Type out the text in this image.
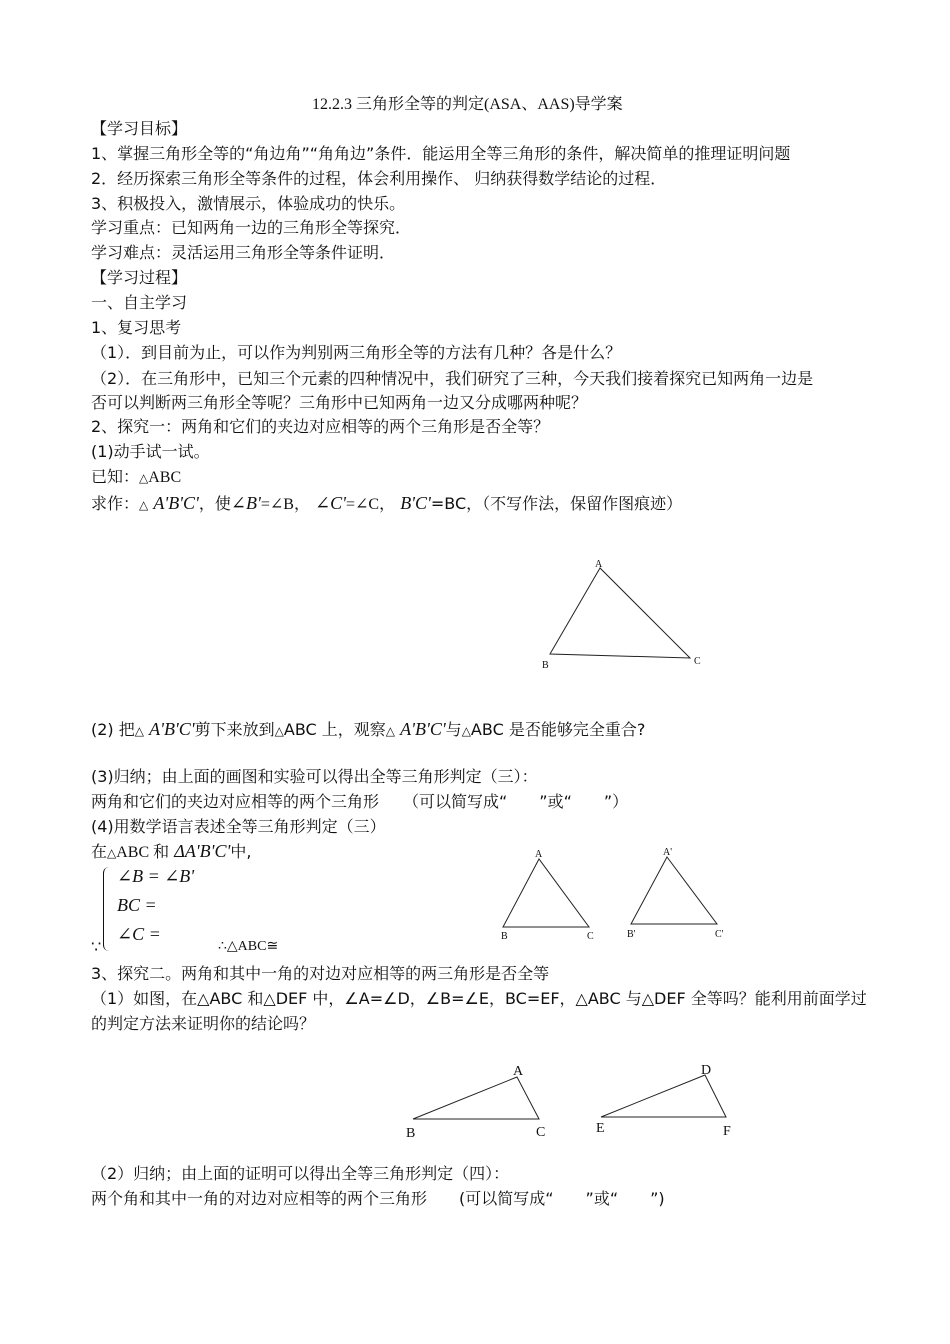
12.2.3 三角形全等的判定(ASA、AAS)导学案
【学习目标】
1、掌握三角形全等的“角边角”“角角边”条件．能运用全等三角形的条件，解决简单的推理证明问题
2．经历探索三角形全等条件的过程，体会利用操作、 归纳获得数学结论的过程．
3、积极投入，激情展示，体验成功的快乐。
学习重点：已知两角一边的三角形全等探究．
学习难点：灵活运用三角形全等条件证明．
【学习过程】
一、自主学习
1、复习思考
（1）．到目前为止，可以作为判别两三角形全等的方法有几种？各是什么？
（2）．在三角形中，已知三个元素的四种情况中，我们研究了三种，今天我们接着探究已知两角一边是
否可以判断两三角形全等呢？三角形中已知两角一边又分成哪两种呢？
2、探究一：两角和它们的夹边对应相等的两个三角形是否全等？
(1)动手试一试。
已知：△ABC
求作：△ A'B'C'，使∠B'=∠B， ∠C'=∠C， B'C'=BC，（不写作法，保留作图痕迹）
A
B	C
(2) 把△ A'B'C'剪下来放到△ABC 上，观察△ A'B'C'与△ABC 是否能够完全重合?
(3)归纳；由上面的画图和实验可以得出全等三角形判定（三）：
两角和它们的夹边对应相等的两个三角形　　（可以简写成“　　”或“　　”）
(4)用数学语言表述全等三角形判定（三）
在△ABC 和 ΔA'B'C'中,
∠B = ∠B'
BC =
∠C =
∵	∴△ABC≅
A
B	C
A'
B'	C'
3、探究二。两角和其中一角的对边对应相等的两三角形是否全等
（1）如图，在△ABC 和△DEF 中，∠A=∠D，∠B=∠E，BC=EF，△ABC 与△DEF 全等吗？能利用前面学过
的判定方法来证明你的结论吗？
A
B	C
D
E	F
（2）归纳；由上面的证明可以得出全等三角形判定（四）：
两个角和其中一角的对边对应相等的两个三角形　　(可以简写成“　　”或“　　”)
